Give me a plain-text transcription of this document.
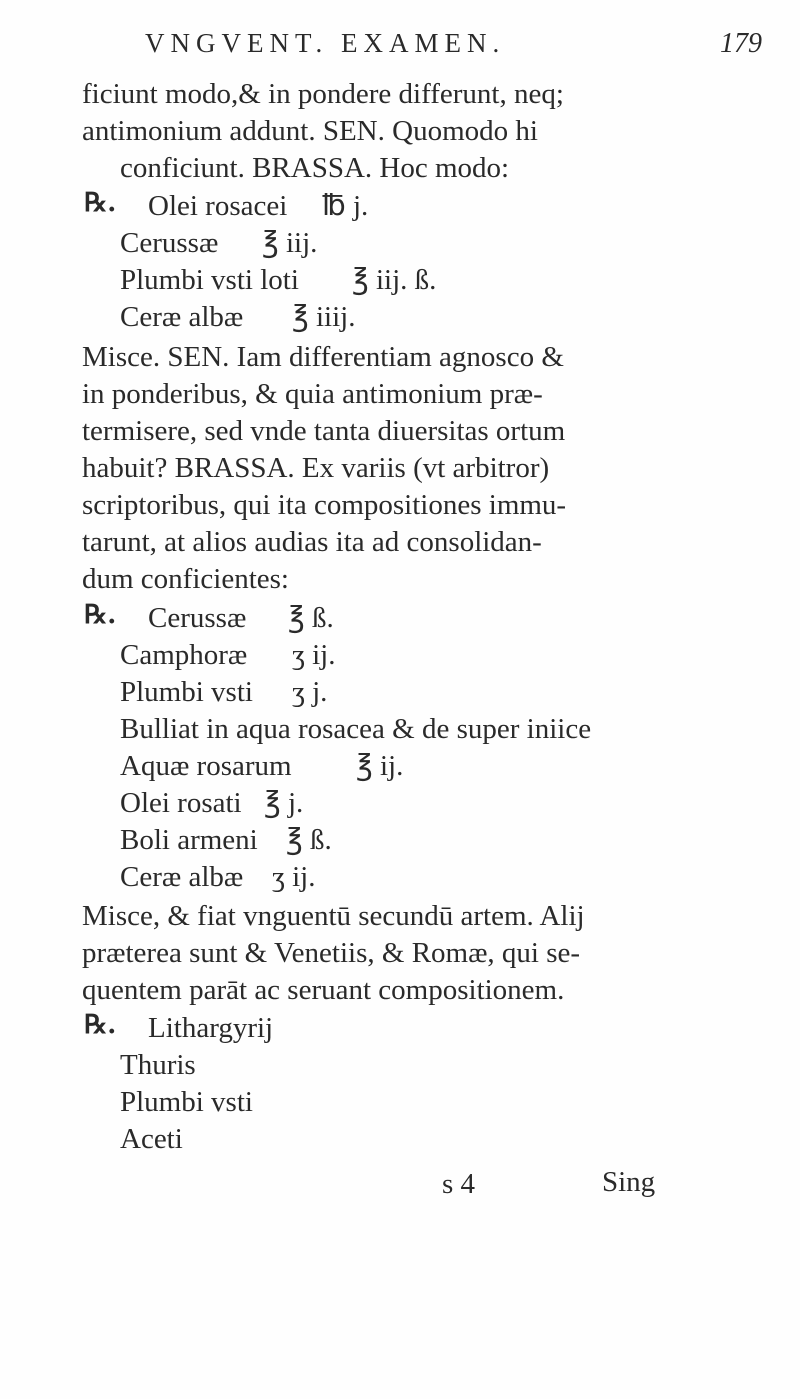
VNGVENT. EXAMEN.	179
ficiunt modo,& in pondere differunt, neq;
antimonium addunt. SEN. Quomodo hi
conficiunt. BRASSA. Hoc modo:
℞. Olei rosacei ℔ j.
Cerussæ ℥ iij.
Plumbi vsti loti ℥ iij. ß.
Ceræ albæ ℥ iiij.
Misce. SEN. Iam differentiam agnosco &
in ponderibus, & quia antimonium præ-
termisere, sed vnde tanta diuersitas ortum
habuit? BRASSA. Ex variis (vt arbitror)
scriptoribus, qui ita compositiones immu-
tarunt, at alios audias ita ad consolidan-
dum conficientes:
℞. Cerussæ ℥ ß.
Camphoræ ʒ ij.
Plumbi vsti ʒ j.
Bulliat in aqua rosacea & de super iniice
Aquæ rosarum ℥ ij.
Olei rosati ℥ j.
Boli armeni ℥ ß.
Ceræ albæ ʒ ij.
Misce, & fiat vnguentū secundū artem. Alij
præterea sunt & Venetiis, & Romæ, qui se-
quentem parāt ac seruant compositionem.
℞. Lithargyrij
Thuris
Plumbi vsti
Aceti
s 4	Sing
